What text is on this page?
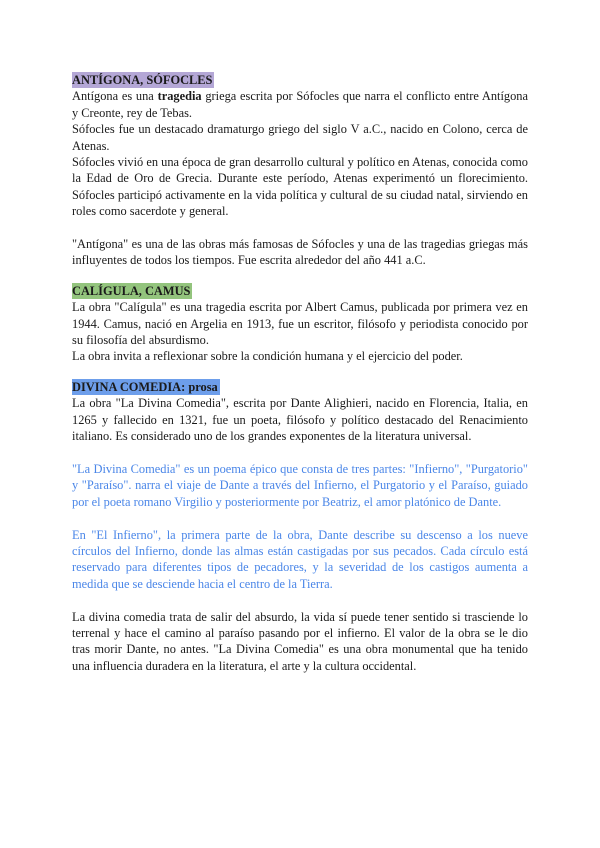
ANTÍGONA, SÓFOCLES

Antígona es una tragedia griega escrita por Sófocles que narra el conflicto entre Antígona y Creonte, rey de Tebas.

Sófocles fue un destacado dramaturgo griego del siglo V a.C., nacido en Colono, cerca de Atenas.

Sófocles vivió en una época de gran desarrollo cultural y político en Atenas, conocida como la Edad de Oro de Grecia. Durante este período, Atenas experimentó un florecimiento. Sófocles participó activamente en la vida política y cultural de su ciudad natal, sirviendo en roles como sacerdote y general.

"Antígona" es una de las obras más famosas de Sófocles y una de las tragedias griegas más influyentes de todos los tiempos. Fue escrita alrededor del año 441 a.C.

CALÍGULA, CAMUS

La obra "Calígula" es una tragedia escrita por Albert Camus, publicada por primera vez en 1944. Camus, nació en Argelia en 1913, fue un escritor, filósofo y periodista conocido por su filosofía del absurdismo.

La obra invita a reflexionar sobre la condición humana y el ejercicio del poder.

DIVINA COMEDIA: prosa

La obra "La Divina Comedia", escrita por Dante Alighieri, nacido en Florencia, Italia, en 1265 y fallecido en 1321, fue un poeta, filósofo y político destacado del Renacimiento italiano. Es considerado uno de los grandes exponentes de la literatura universal.

"La Divina Comedia" es un poema épico que consta de tres partes: "Infierno", "Purgatorio" y "Paraíso". narra el viaje de Dante a través del Infierno, el Purgatorio y el Paraíso, guiado por el poeta romano Virgilio y posteriormente por Beatriz, el amor platónico de Dante.

En "El Infierno", la primera parte de la obra, Dante describe su descenso a los nueve círculos del Infierno, donde las almas están castigadas por sus pecados. Cada círculo está reservado para diferentes tipos de pecadores, y la severidad de los castigos aumenta a medida que se desciende hacia el centro de la Tierra.

La divina comedia trata de salir del absurdo, la vida sí puede tener sentido si trasciende lo terrenal y hace el camino al paraíso pasando por el infierno. El valor de la obra se le dio tras morir Dante, no antes. "La Divina Comedia" es una obra monumental que ha tenido una influencia duradera en la literatura, el arte y la cultura occidental.
